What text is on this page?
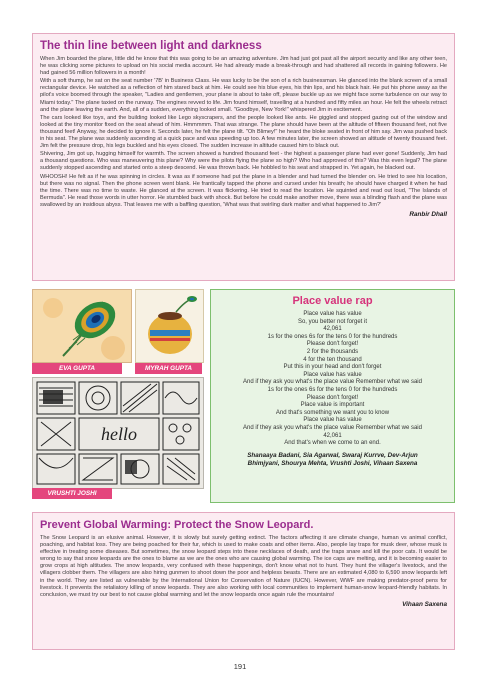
The thin line between light and darkness

When Jim boarded the plane, little did he know that this was going to be an amazing adventure. Jim had just got past all the airport security and like any other teen, he was clicking some pictures to upload on his social media account. He had already made a break-through and had shattered all records in gaining followers. He had gained 56 million followers in a month!

With a soft thump, he sat on the seat number '7B' in Business Class. He was lucky to be the son of a rich businessman. He glanced into the blank screen of a small rectangular device. He watched as a reflection of him stared back at him. He could see his blue eyes, his thin lips, and his black hair. He put his phone away as the pilot's voice boomed through the speaker, "Ladies and gentlemen, your plane is about to take off, please buckle up as we might face some turbulence on our way to Miami today." The plane taxied on the runway. The engines revved to life. Jim found himself, travelling at a hundred and fifty miles an hour. He felt the wheels retract and the plane leaving the earth. And, all of a sudden, everything looked small. "Goodbye, New York!" whispered Jim in excitement.

The cars looked like toys, and the building looked like Lego skyscrapers, and the people looked like ants. He giggled and stopped gazing out of the window and looked at the tiny monitor fixed on the seat ahead of him. Hmmmmm. That was strange. The plane should have been at the altitude of fifteen thousand feet, not five thousand feet! Anyway, he decided to ignore it. Seconds later, he felt the plane tilt. "Oh Blimey!" he heard the bloke seated in front of him say. Jim was pushed back in his seat. The plane was suddenly ascending at a quick pace and was speeding up too. A few minutes later, the screen showed an altitude of twenty thousand feet. Jim felt the pressure drop, his legs buckled and his eyes closed. The sudden increase in altitude caused him to black out.

Shivering, Jim got up, hugging himself for warmth. The screen showed a hundred thousand feet - the highest a passenger plane had ever gone! Suddenly, Jim had a thousand questions. Who was maneuvering this plane? Why were the pilots flying the plane so high? Who had approved of this? Was this even legal? The plane suddenly stopped ascending and started onto a steep descend. He was thrown back. He hobbled to his seat and strapped in. Yet again, he blacked out.

WHOOSH! He felt as if he was spinning in circles. It was as if someone had put the plane in a blender and had turned the blender on. He tried to see his location, but there was no signal. Then the phone screen went blank. He frantically tapped the phone and cursed under his breath; he should have charged it when he had the time. There was no time to waste. He glanced at the screen. It was flickering. He tried to read the location. He squinted and read out loud, "The Islands of Bermuda". He read those words in utter horror. He stumbled back with shock. But before he could make another move, there was a blinding flash and the plane was swallowed by an insidious abyss. That leaves me with a baffling question, 'What was that swirling dark matter and what happened to Jim?'

Ranbir Dhall
EVA GUPTA	MYRAH GUPTA
hello
VRUSHTI JOSHI
Place value rap
Place value has value
So, you better not forget it
42,061
1s for the ones 6s for the tens 0 for the hundreds
Please don't forget!
2 for the thousands
4 for the ten thousand
Put this in your head and don't forget
Place value has value
And if they ask you what's the place value Remember what we said
1s for the ones 6s for the tens 0 for the hundreds
Please don't forget!
Place value is important
And that's something we want you to know
Place value has value
And if they ask you what's the place value Remember what we said
42,061
And that's when we come to an end.
Shanaaya Badani, Sia Agarwal, Swaraj Kurrve, Dev-Arjun
Bhimjyani, Shourya Mehta, Vrushti Joshi, Vihaan Saxena
Prevent Global Warming: Protect the Snow Leopard.

The Snow Leopard is an elusive animal. However, it is slowly but surely getting extinct. The factors affecting it are climate change, human vs animal conflict, poaching, and habitat loss. They are being poached for their fur, which is used to make coats and other items. Also, people lay traps for musk deer, whose musk is effective in treating some diseases. But sometimes, the snow leopard steps into these necklaces of death, and the traps snare and kill the poor cats. It would be wrong to say that snow leopards are the ones to blame as we are the ones who are causing global warming. The ice caps are melting, and it is becoming easier to grow crops at high altitudes. The snow leopards, very confused with these happenings, don't know what not to hunt. They hunt the villager's livestock, and the villagers clobber them. The villagers are also hiring gunmen to shoot down the poor and helpless beasts. There are an estimated 4,080 to 6,590 snow leopards left in the world. They are listed as vulnerable by the International Union for Conservation of Nature (IUCN). However, WWF are making predator-proof pens for livestock. It prevents the retaliatory killing of snow leopards. They are also working with local communities to implement human-snow leopard-friendly habitats. In conclusion, we must try our best to not cause global warming and let the snow leopards once again rule the mountains!

Vihaan Saxena
191
